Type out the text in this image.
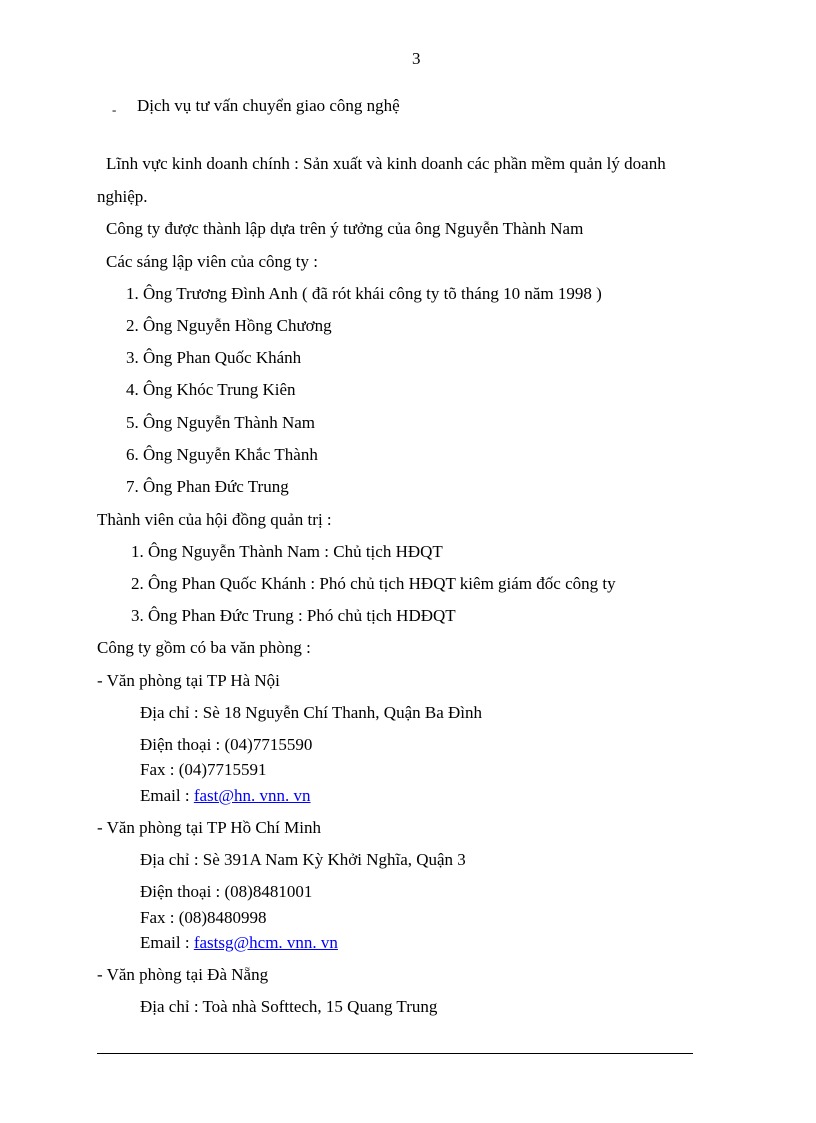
3
- Dịch vụ tư vấn chuyển giao công nghệ
Lĩnh vực kinh doanh chính : Sản xuất và kinh doanh các phần mềm quản lý doanh
nghiệp.
Công ty được thành lập dựa trên ý tưởng của ông Nguyễn Thành Nam
Các sáng lập viên của công ty :
1. Ông Trương Đình Anh ( đã rót khái công ty tõ tháng 10 năm 1998 )
2. Ông Nguyễn Hồng Chương
3. Ông Phan Quốc Khánh
4. Ông Khóc Trung Kiên
5. Ông Nguyễn Thành Nam
6. Ông Nguyễn Khắc Thành
7. Ông Phan Đức Trung
Thành viên của hội đồng quản trị :
1. Ông Nguyễn Thành Nam : Chủ tịch HĐQT
2. Ông Phan Quốc Khánh : Phó chủ tịch HĐQT kiêm giám đốc công ty
3. Ông Phan Đức Trung : Phó chủ tịch HDĐQT
Công ty gồm có ba văn phòng :
- Văn phòng tại TP Hà Nội
Địa chỉ : Sè 18 Nguyễn Chí Thanh, Quận Ba Đình
Điện thoại : (04)7715590
Fax : (04)7715591
Email : fast@hn. vnn. vn
- Văn phòng tại TP Hồ Chí Minh
Địa chỉ : Sè 391A Nam Kỳ Khởi Nghĩa, Quận 3
Điện thoại : (08)8481001
Fax : (08)8480998
Email : fastsg@hcm. vnn. vn
- Văn phòng tại Đà Nẵng
Địa chỉ : Toà nhà Softtech, 15 Quang Trung
